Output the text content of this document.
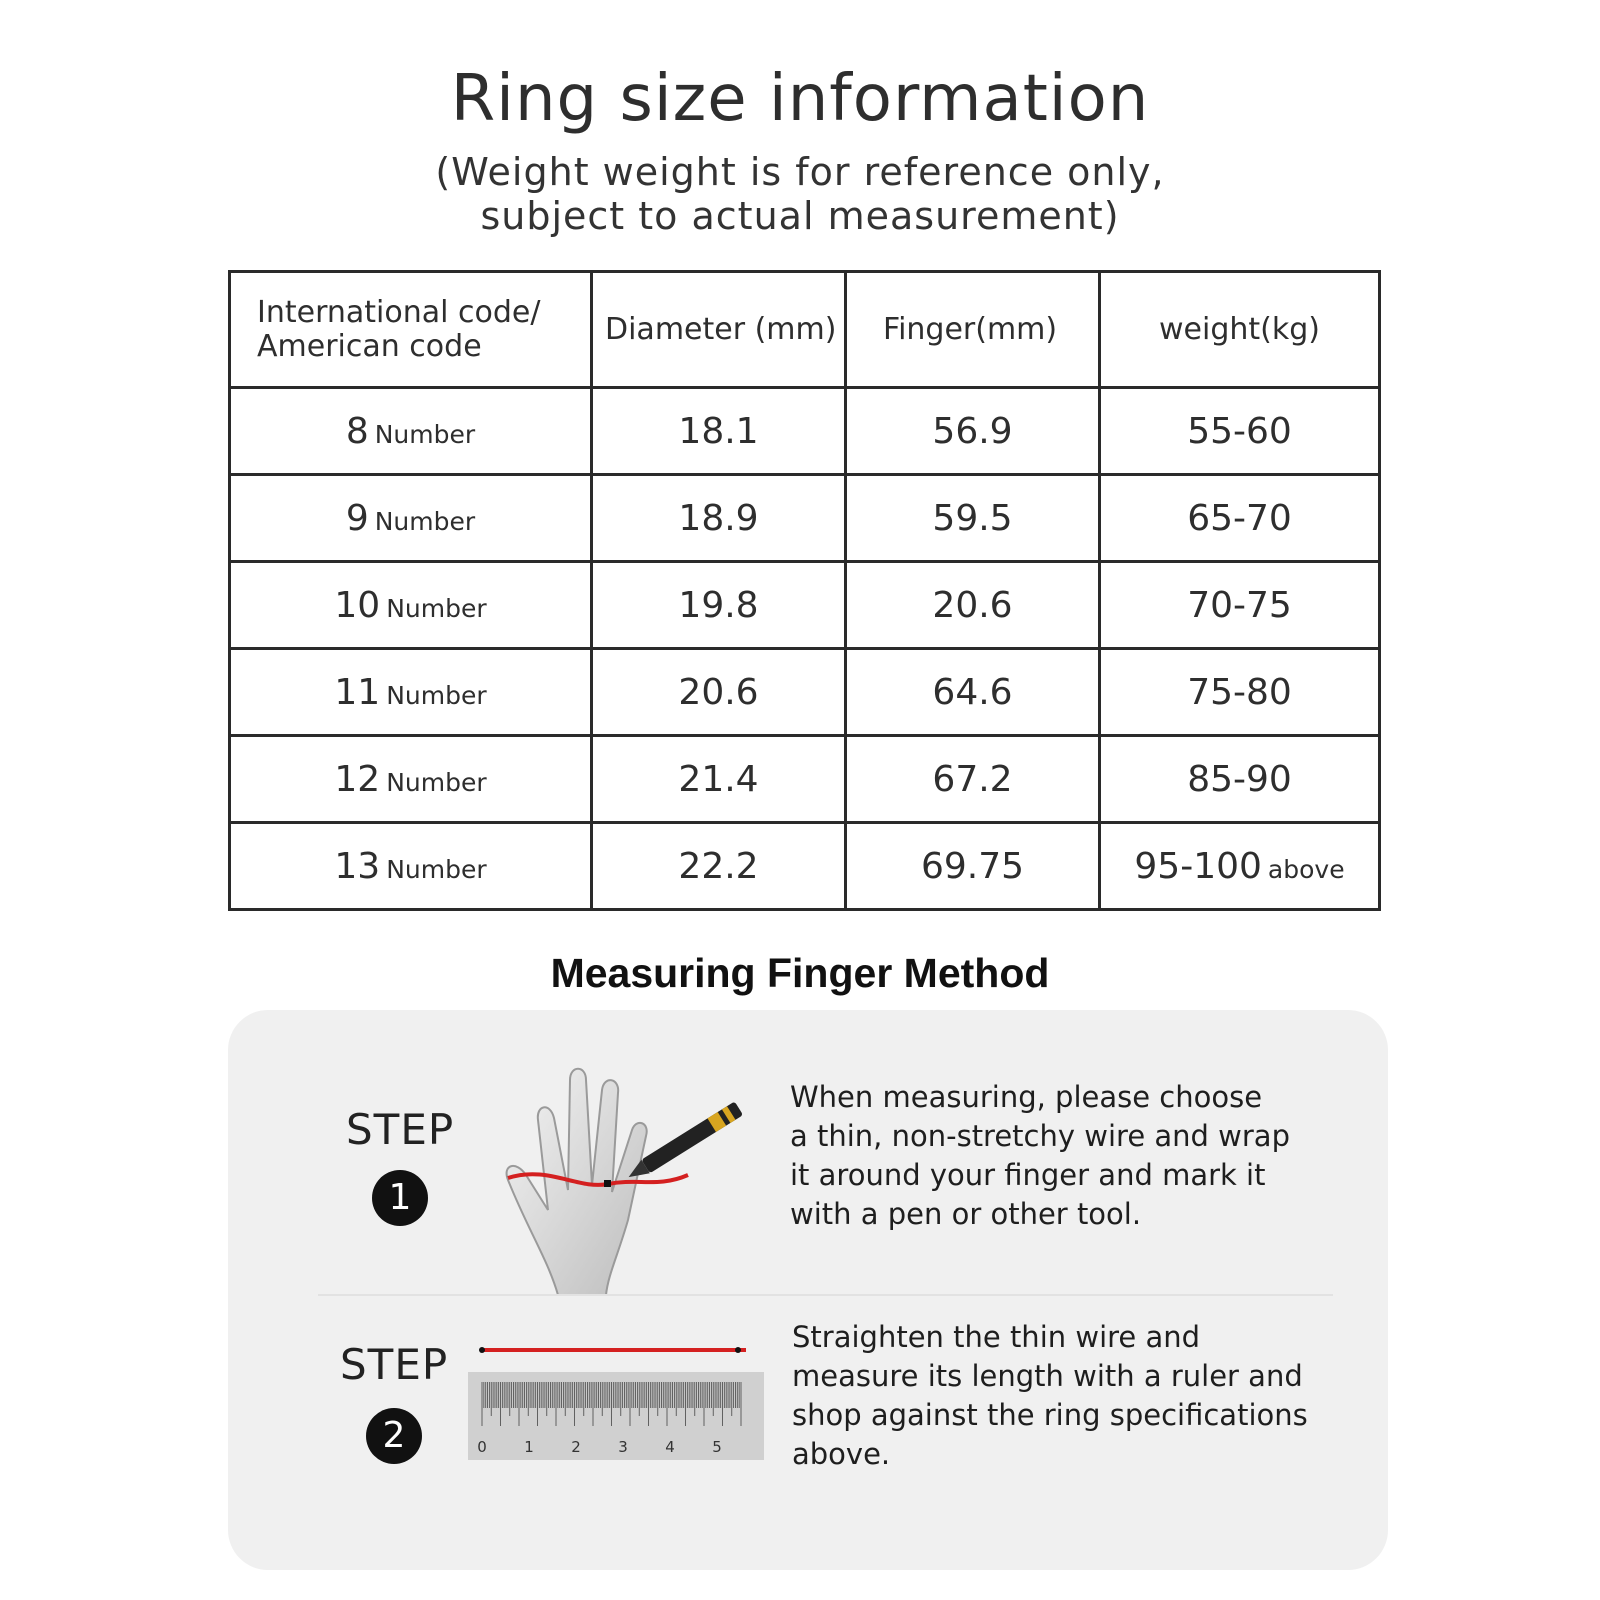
Ring size information
(Weight weight is for reference only,
subject to actual measurement)
International code/
American code	Diameter (mm)	Finger(mm)	weight(kg)
8 Number	18.1	56.9	55-60
9 Number	18.9	59.5	65-70
10 Number	19.8	20.6	70-75
11 Number	20.6	64.6	75-80
12 Number	21.4	67.2	85-90
13 Number	22.2	69.75	95-100 above
Measuring Finger Method
STEP
1
When measuring, please choose
a thin, non-stretchy wire and wrap
it around your finger and mark it
with a pen or other tool.
STEP
2	0 1 2 3 4 5
Straighten the thin wire and
measure its length with a ruler and
shop against the ring specifications
above.
